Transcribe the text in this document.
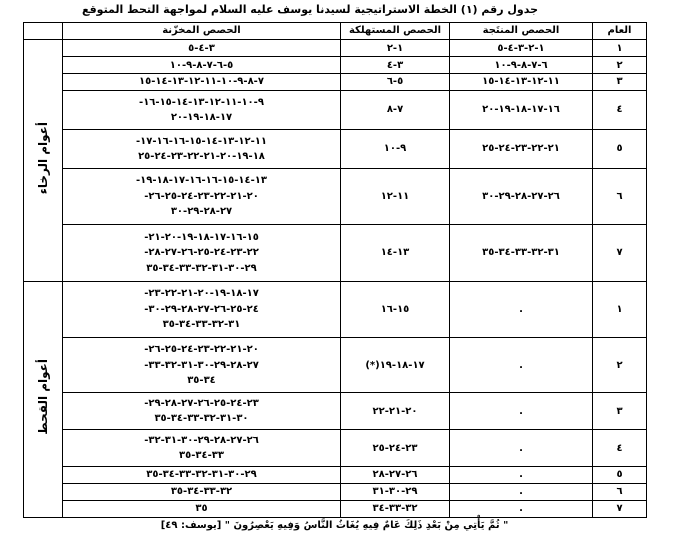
جدول رقم (١) الخطة الاستراتيجية لسيدنا يوسف عليه السلام لمواجهة التحط المتوقع
العام	الحصص المنتَجة	الحصص المستهلكة	الحصص المخزّنة	
١	١-٢-٣-٤-٥	١-٢	٣-٤-٥	أعوام الرخاء
٢	٦-٧-٨-٩-١٠	٣-٤	٥-٦-٧-٨-٩-١٠	

٣	١١-١٢-١٣-١٤-١٥	٥-٦	٧-٨-٩-١٠-١١-١٢-١٣-١٤-١٥	

٤	١٦-١٧-١٨-١٩-٢٠	٧-٨	٩-١٠-١١-١٢-١٣-١٤-١٥-١٦-
١٧-١٨-١٩-٢٠	

٥	٢١-٢٢-٢٣-٢٤-٢٥	٩-١٠	١١-١٢-١٣-١٤-١٥-١٦-١٦-١٧-
١٨-١٩-٢٠-٢١-٢٢-٢٣-٢٤-٢٥	

٦	٢٦-٢٧-٢٨-٢٩-٣٠	١١-١٢	١٣-١٤-١٥-١٦-١٦-١٧-١٨-١٩-
٢٠-٢١-٢٢-٢٣-٢٤-٢٥-٢٦-
٢٧-٢٨-٢٩-٣٠	

٧	٣١-٣٢-٣٣-٣٤-٣٥	١٣-١٤	١٥-١٦-١٧-١٨-١٩-٢٠-٢١-
٢٢-٢٣-٢٤-٢٥-٢٦-٢٧-٢٨-
٢٩-٣٠-٣١-٣٢-٣٣-٣٤-٣٥	

١	.	١٥-١٦	١٧-١٨-١٩-٢٠-٢١-٢٢-٢٣-
٢٤-٢٥-٢٦-٢٧-٢٨-٢٩-٣٠-
٣١-٣٢-٣٣-٣٤-٣٥	أعوام القحط
٢	.	١٧-١٨-١٩(*)	٢٠-٢١-٢٢-٢٣-٢٤-٢٥-٢٦-
٢٧-٢٨-٢٩-٣٠-٣١-٣٢-٣٣-
٣٤-٣٥	

٣	.	٢٠-٢١-٢٢	٢٣-٢٤-٢٥-٢٦-٢٧-٢٨-٢٩-
٣٠-٣١-٣٢-٣٣-٣٤-٣٥	

٤	.	٢٣-٢٤-٢٥	٢٦-٢٧-٢٨-٢٩-٣٠-٣١-٣٢-
٣٣-٣٤-٣٥	

٥	.	٢٦-٢٧-٢٨	٢٩-٣٠-٣١-٣٢-٣٣-٣٤-٣٥	

٦	.	٢٩-٣٠-٣١	٣٢-٣٣-٣٤-٣٥	

٧	.	٣٢-٣٣-٣٤	٣٥	
" ثُمَّ يَأْتِي مِنْ بَعْدِ ذَلِكَ عَامٌ فِيهِ يُغَاثُ النَّاسُ وَفِيهِ يَعْصِرُونَ " [يوسف: ٤٩]
